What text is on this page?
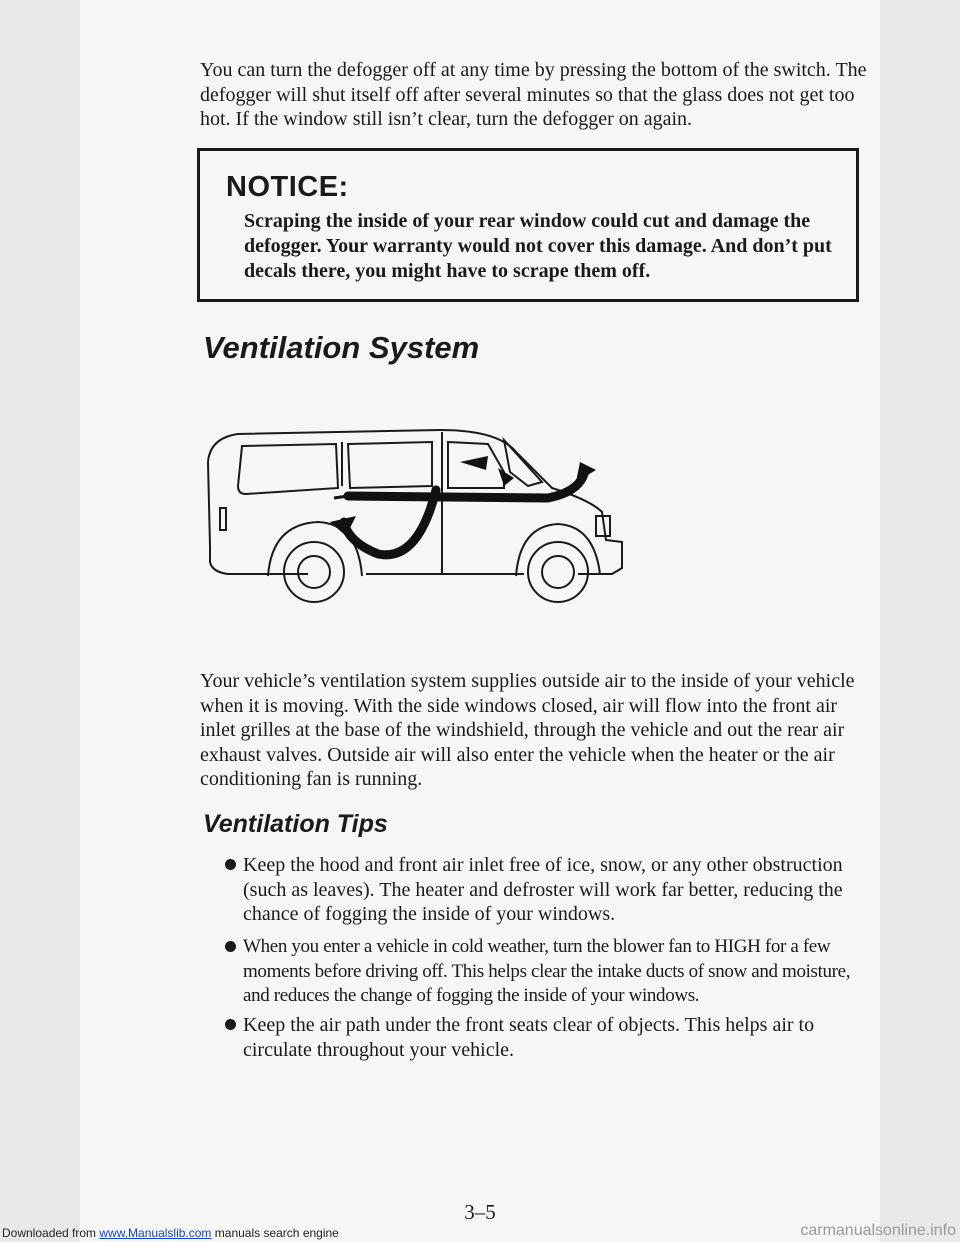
You can turn the defogger off at any time by pressing the bottom of the switch. The defogger will shut itself off after several minutes so that the glass does not get too hot. If the window still isn’t clear, turn the defogger on again.

NOTICE:

Scraping the inside of your rear window could cut and damage the defogger. Your warranty would not cover this damage. And don’t put decals there, you might have to scrape them off.

Ventilation System

Your vehicle’s ventilation system supplies outside air to the inside of your vehicle when it is moving. With the side windows closed, air will flow into the front air inlet grilles at the base of the windshield, through the vehicle and out the rear air exhaust valves. Outside air will also enter the vehicle when the heater or the air conditioning fan is running.

Ventilation Tips
Keep the hood and front air inlet free of ice, snow, or any other obstruction (such as leaves). The heater and defroster will work far better, reducing the chance of fogging the inside of your windows.
When you enter a vehicle in cold weather, turn the blower fan to HIGH for a few moments before driving off. This helps clear the intake ducts of snow and moisture, and reduces the change of fogging the inside of your windows.
Keep the air path under the front seats clear of objects. This helps air to circulate throughout your vehicle.
3–5
Downloaded from www.Manualslib.com manuals search engine	carmanualsonline.info
